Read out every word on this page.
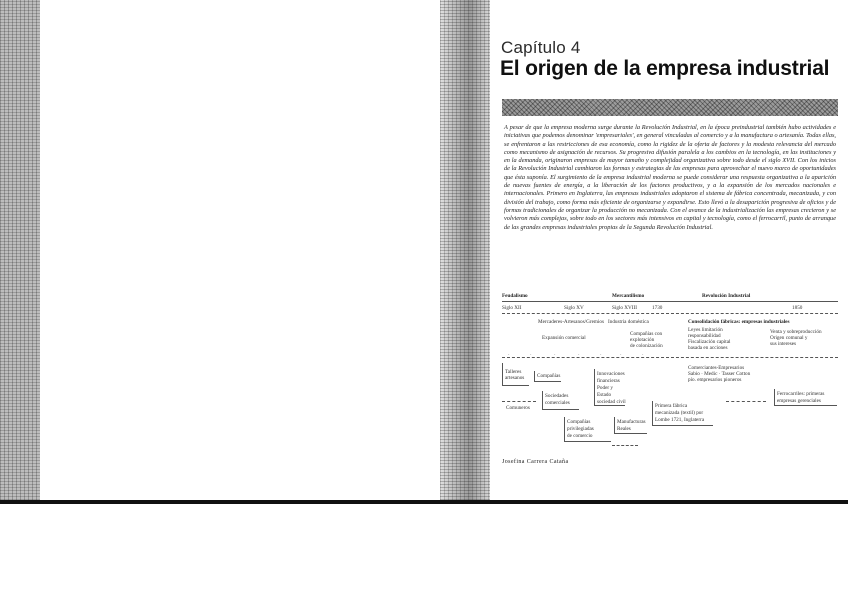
Capítulo 4
El origen de la empresa industrial
A pesar de que la empresa moderna surge durante la Revolución Industrial, en la época preindustrial también hubo actividades e iniciativas que podemos denominar 'empresariales', en general vinculadas al comercio y a la manufactura o artesanía. Todas ellas, se enfrentaron a las restricciones de esa economía, como la rigidez de la oferta de factores y la modesta relevancia del mercado como mecanismo de asignación de recursos. Su progresiva difusión paralela a los cambios en la tecnología, en las instituciones y en la demanda, originaron empresas de mayor tamaño y complejidad organizativa sobre todo desde el siglo XVII. Con los inicios de la Revolución Industrial cambiaron las formas y estrategias de las empresas para aprovechar el nuevo marco de oportunidades que ésta suponía. El surgimiento de la empresa industrial moderna se puede considerar una respuesta organizativa a la aparición de nuevas fuentes de energía, a la liberación de los factores productivos, y a la expansión de los mercados nacionales e internacionales. Primero en Inglaterra, las empresas industriales adoptaron el sistema de fábrica concentrada, mecanizada, y con división del trabajo, como forma más eficiente de organizarse y expandirse. Esto llevó a la desaparición progresiva de oficios y de formas tradicionales de organizar la producción no mecanizada. Con el avance de la industrialización las empresas crecieron y se volvieron más complejas, sobre todo en los sectores más intensivos en capital y tecnología, como el ferrocarril, punto de arranque de las grandes empresas industriales propias de la Segunda Revolución Industrial.
Feudalismo	Mercantilismo	Revolución Industrial
Siglo XII	Siglo XV	Siglo XVIII	1730	1850
Mercaderes-Artesanos/Gremios Industria doméstica	Consolidación fábricas: empresas industriales
Expansión comercial
Compañías con
explotación
de colonización
Leyes limitación
responsabilidad
Fiscalización capital
basada en acciones
Venta y sobreproducción
Origen comunal y
sus intereses
·	·	·	·	·	·	·
Talleres
artesanos Compañías	Innovaciones
financieras
Poder y
Estado
sociedad civil
Comerciantes-Empresarios
Sabio · Medic · Tasser Cotton
pío. empresarios pioneros
Comuneros
Sociedades
comerciales
Compañías
privilegiadas
de comercio
Manufacturas
Reales
Primera fábrica
mecanizada (textil) por
Lombe 1721, Inglaterra
Ferrocarriles: primeras
empresas gerenciales
Josefina Carrera Cataña
